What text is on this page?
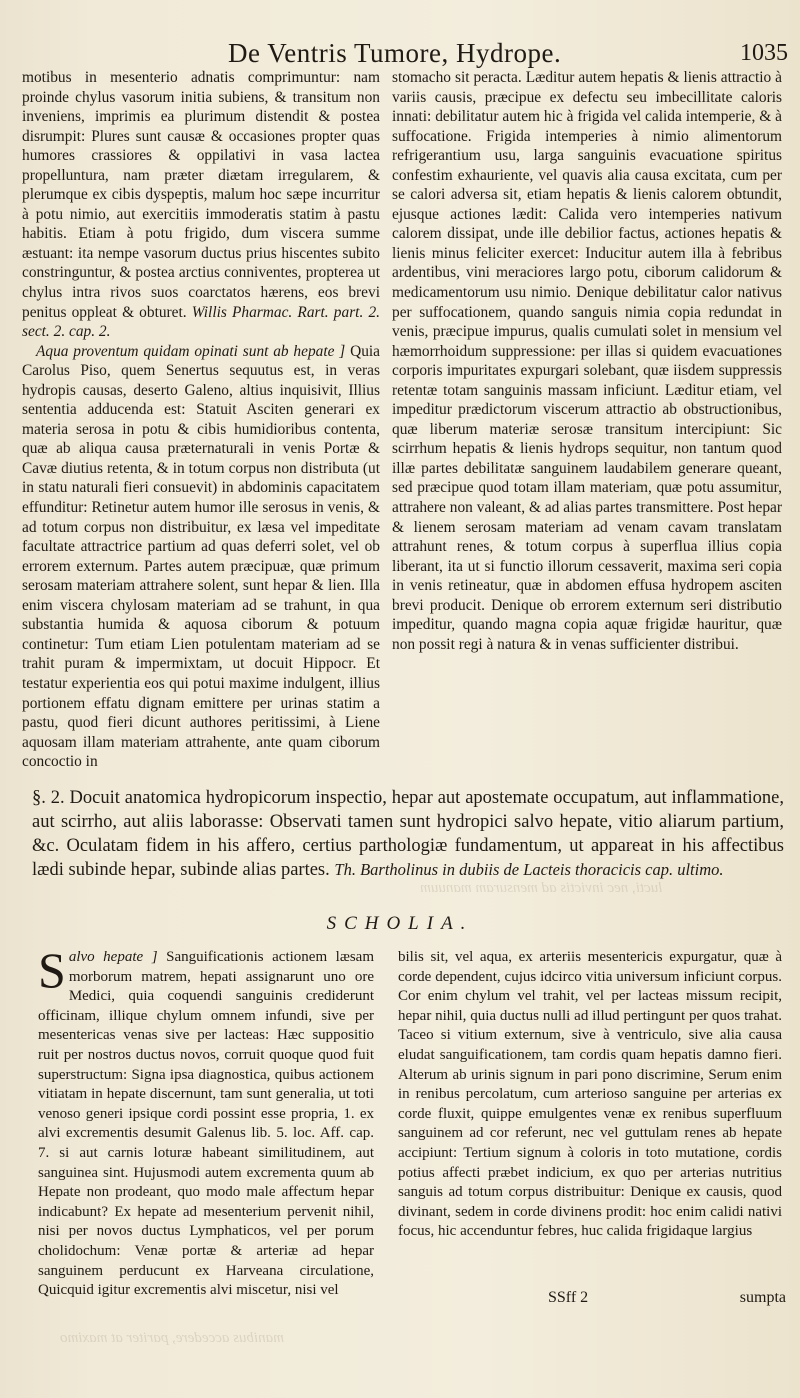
lucti, nec invictis ad mensuram manuum
manibus accedere, pariter at maximo
De Ventris Tumore, Hydrope.	1035

motibus in mesenterio adnatis comprimuntur: nam proinde chylus vasorum initia subiens, & transitum non inveniens, imprimis ea plurimum distendit & postea disrumpit: Plures sunt causæ & occasiones propter quas humores crassiores & oppilativi in vasa lactea propelluntura, nam præter diætam irregularem, & plerumque ex cibis dyspeptis, malum hoc sæpe incurritur à potu nimio, aut exercitiis immoderatis statim à pastu habitis. Etiam à potu frigido, dum viscera summe æstuant: ita nempe vasorum ductus prius hiscentes subito constringuntur, & postea arctius conniventes, propterea ut chylus intra rivos suos coarctatos hærens, eos brevi penitus oppleat & obturet. Willis Pharmac. Rart. part. 2. sect. 2. cap. 2.

Aqua proventum quidam opinati sunt ab hepate ] Quia Carolus Piso, quem Senertus sequutus est, in veras hydropis causas, deserto Galeno, altius inquisivit, Illius sententia adducenda est: Statuit Asciten generari ex materia serosa in potu & cibis humidioribus contenta, quæ ab aliqua causa præternaturali in venis Portæ & Cavæ diutius retenta, & in totum corpus non distributa (ut in statu naturali fieri consuevit) in abdominis capacitatem effunditur: Retinetur autem humor ille serosus in venis, & ad totum corpus non distribuitur, ex læsa vel impeditate facultate attractrice partium ad quas deferri solet, vel ob errorem externum. Partes autem præcipuæ, quæ primum serosam materiam attrahere solent, sunt hepar & lien. Illa enim viscera chylosam materiam ad se trahunt, in qua substantia humida & aquosa ciborum & potuum continetur: Tum etiam Lien potulentam materiam ad se trahit puram & impermixtam, ut docuit Hippocr. Et testatur experientia eos qui potui maxime indulgent, illius portionem effatu dignam emittere per urinas statim a pastu, quod fieri dicunt authores peritissimi, à Liene aquosam illam materiam attrahente, ante quam ciborum concoctio in

stomacho sit peracta. Læditur autem hepatis & lienis attractio à variis causis, præcipue ex defectu seu imbecillitate caloris innati: debilitatur autem hic à frigida vel calida intemperie, & à suffocatione. Frigida intemperies à nimio alimentorum refrigerantium usu, larga sanguinis evacuatione spiritus confestim exhauriente, vel quavis alia causa excitata, cum per se calori adversa sit, etiam hepatis & lienis calorem obtundit, ejusque actiones lædit: Calida vero intemperies nativum calorem dissipat, unde ille debilior factus, actiones hepatis & lienis minus feliciter exercet: Inducitur autem illa à febribus ardentibus, vini meraciores largo potu, ciborum calidorum & medicamentorum usu nimio. Denique debilitatur calor nativus per suffocationem, quando sanguis nimia copia redundat in venis, præcipue impurus, qualis cumulati solet in mensium vel hæmorrhoidum suppressione: per illas si quidem evacuationes corporis impuritates expurgari solebant, quæ iisdem suppressis retentæ totam sanguinis massam inficiunt. Læditur etiam, vel impeditur prædictorum viscerum attractio ab obstructionibus, quæ liberum materiæ serosæ transitum intercipiunt: Sic scirrhum hepatis & lienis hydrops sequitur, non tantum quod illæ partes debilitatæ sanguinem laudabilem generare queant, sed præcipue quod totam illam materiam, quæ potu assumitur, attrahere non valeant, & ad alias partes transmittere. Post hepar & lienem serosam materiam ad venam cavam translatam attrahunt renes, & totum corpus à superflua illius copia liberant, ita ut si functio illorum cessaverit, maxima seri copia in venis retineatur, quæ in abdomen effusa hydropem asciten brevi producit. Denique ob errorem externum seri distributio impeditur, quando magna copia aquæ frigidæ hauritur, quæ non possit regi à natura & in venas sufficienter distribui.

§. 2. Docuit anatomica hydropicorum inspectio, hepar aut apostemate occupatum, aut inflammatione, aut scirrho, aut aliis laborasse: Observati tamen sunt hydropici salvo hepate, vitio aliarum partium, &c. Oculatam fidem in his affero, certius parthologiæ fundamentum, ut appareat in his affectibus lædi subinde hepar, subinde alias partes. Th. Bartholinus in dubiis de Lacteis thoracicis cap. ultimo.

SCHOLIA.
S alvo hepate ] Sanguificationis actionem læsam morborum matrem, hepati assignarunt uno ore Medici, quia coquendi sanguinis crediderunt officinam, illique chylum omnem infundi, sive per mesentericas venas sive per lacteas: Hæc suppositio ruit per nostros ductus novos, corruit quoque quod fuit superstructum: Signa ipsa diagnostica, quibus actionem vitiatam in hepate discernunt, tam sunt generalia, ut toti venoso generi ipsique cordi possint esse propria, 1. ex alvi excrementis desumit Galenus lib. 5. loc. Aff. cap. 7. si aut carnis loturæ habeant similitudinem, aut sanguinea sint. Hujusmodi autem excrementa quum ab Hepate non prodeant, quo modo male affectum hepar indicabunt? Ex hepate ad mesenterium pervenit nihil, nisi per novos ductus Lymphaticos, vel per porum cholidochum: Venæ portæ & arteriæ ad hepar sanguinem perducunt ex Harveana circulatione, Quicquid igitur excrementis alvi miscetur, nisi vel

bilis sit, vel aqua, ex arteriis mesentericis expurgatur, quæ à corde dependent, cujus idcirco vitia universum inficiunt corpus. Cor enim chylum vel trahit, vel per lacteas missum recipit, hepar nihil, quia ductus nulli ad illud pertingunt per quos trahat. Taceo si vitium externum, sive à ventriculo, sive alia causa eludat sanguificationem, tam cordis quam hepatis damno fieri. Alterum ab urinis signum in pari pono discrimine, Serum enim in renibus percolatum, cum arterioso sanguine per arterias ex corde fluxit, quippe emulgentes venæ ex renibus superfluum sanguinem ad cor referunt, nec vel guttulam renes ab hepate accipiunt: Tertium signum à coloris in toto mutatione, cordis potius affecti præbet indicium, ex quo per arterias nutritius sanguis ad totum corpus distribuitur: Denique ex causis, quod divinant, sedem in corde divinens prodit: hoc enim calidi nativi focus, hic accenduntur febres, huc calida frigidaque largius

SSff 2	sumpta
